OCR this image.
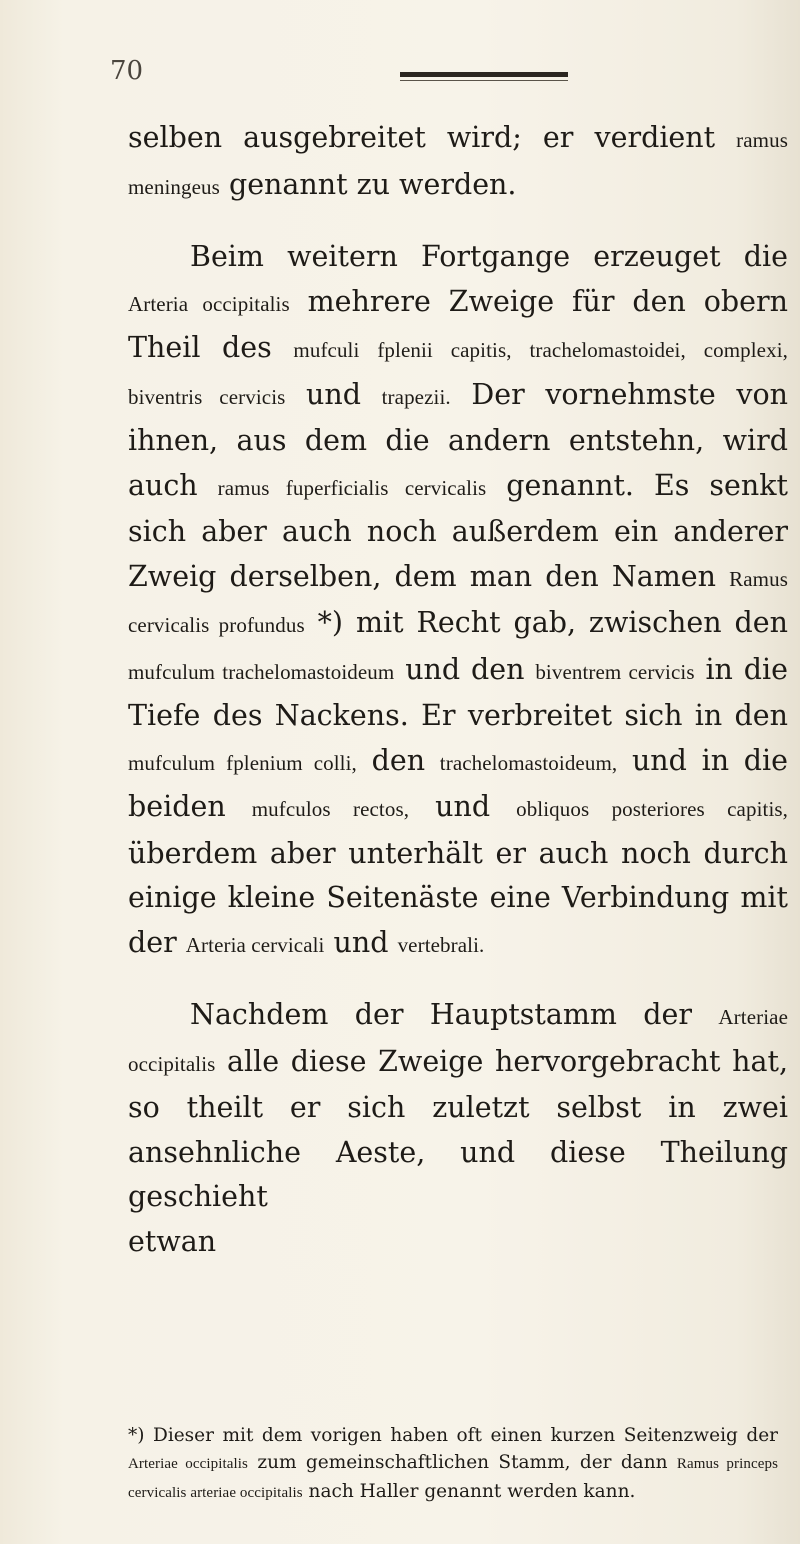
70

selben ausgebreitet wird; er verdient ramus meningeus genannt zu werden.

Beim weitern Fortgange erzeuget die Arteria occipitalis mehrere Zweige für den obern Theil des mufculi fplenii capitis, trachelomastoidei, complexi, biventris cervicis und trapezii. Der vornehmste von ihnen, aus dem die andern entstehn, wird auch ramus fuperficialis cervicalis genannt. Es senkt sich aber auch noch außerdem ein anderer Zweig derselben, dem man den Namen Ramus cervicalis profundus *) mit Recht gab, zwischen den mufculum trachelomastoideum und den biventrem cervicis in die Tiefe des Nackens. Er verbreitet sich in den mufculum fplenium colli, den trachelomastoideum, und in die beiden mufculos rectos, und obliquos posteriores capitis, überdem aber unterhält er auch noch durch einige kleine Seitenäste eine Verbindung mit der Arteria cervicali und vertebrali.

Nachdem der Hauptstamm der Arteriae occipitalis alle diese Zweige hervorgebracht hat, so theilt er sich zuletzt selbst in zwei ansehnliche Aeste, und diese Theilung geschieht

etwan

*) Dieser mit dem vorigen haben oft einen kurzen Seitenzweig der Arteriae occipitalis zum gemeinschaftlichen Stamm, der dann Ramus princeps cervicalis arteriae occipitalis nach Haller genannt werden kann.
